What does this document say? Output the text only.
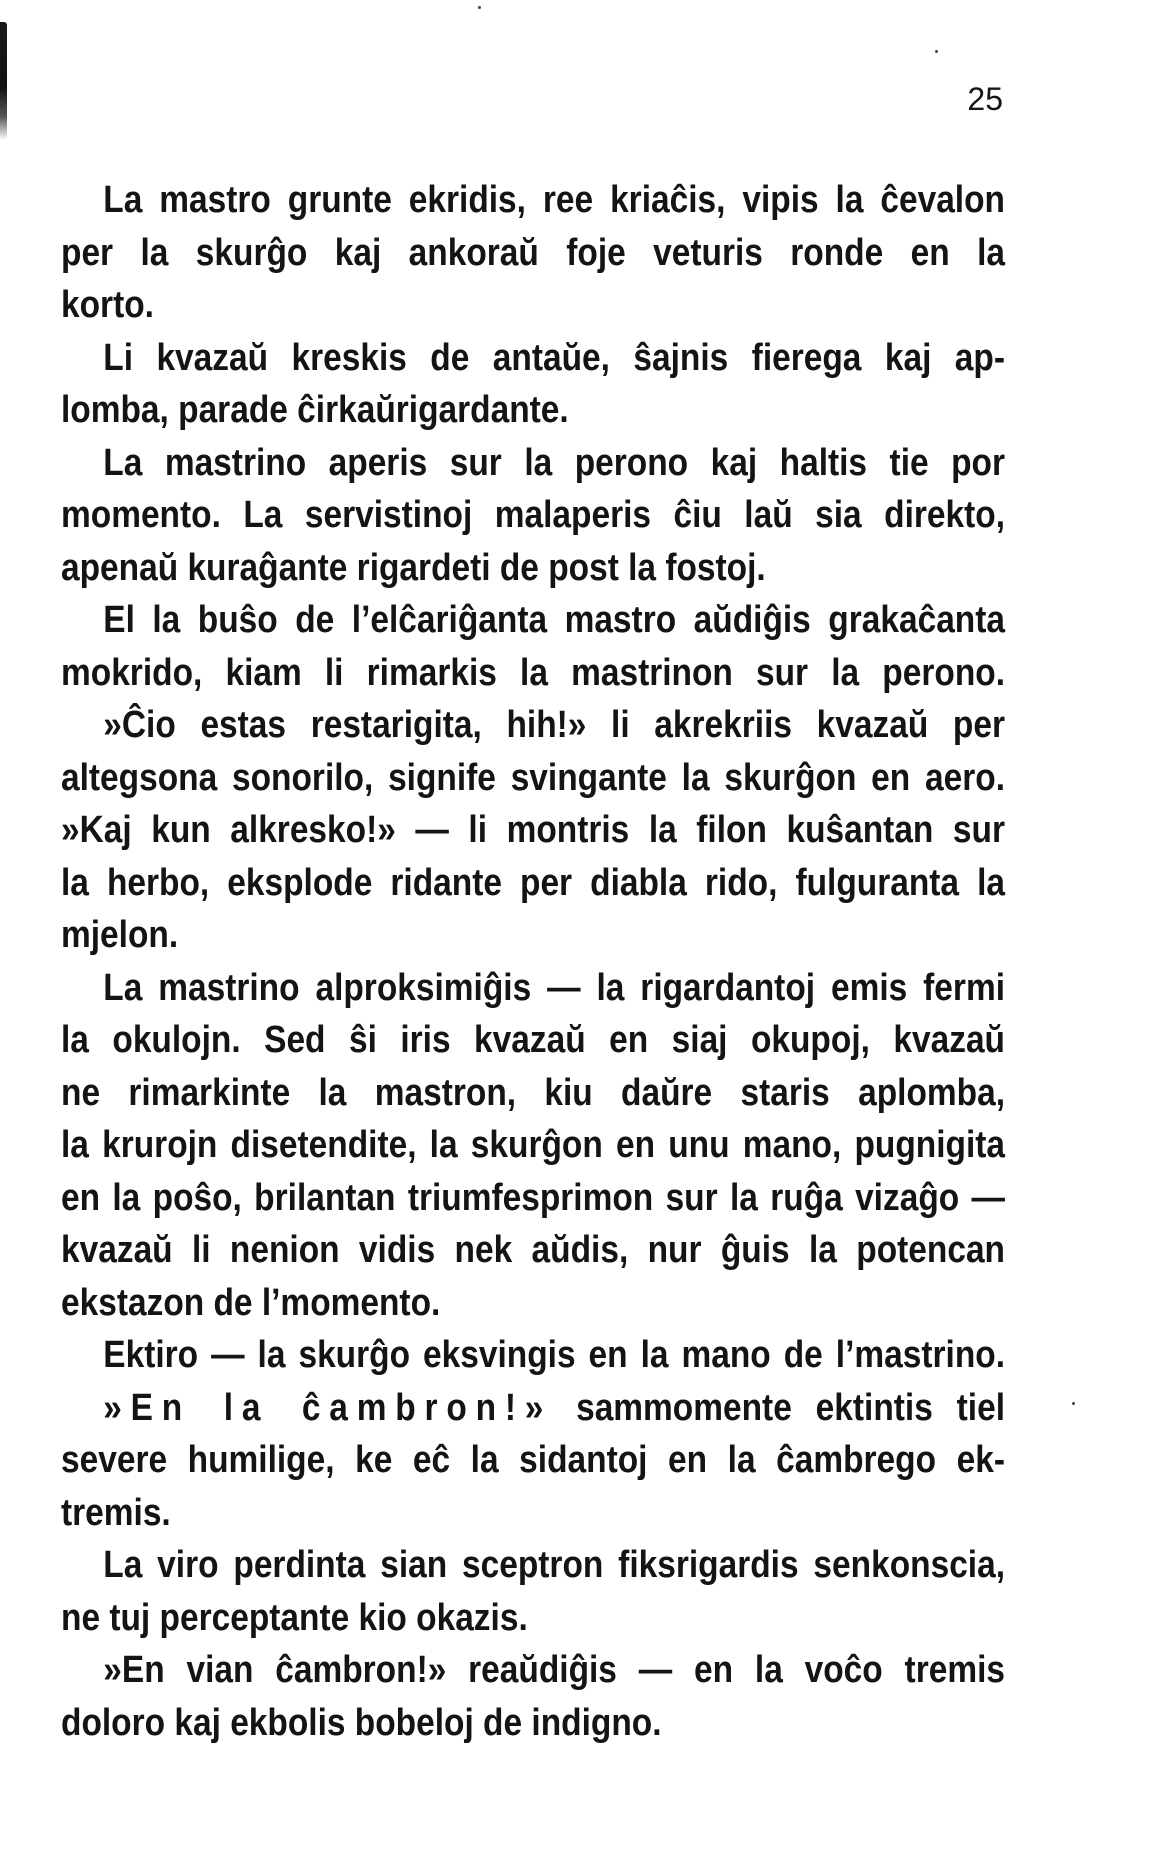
25
La mastro grunte ekridis, ree kriaĉis, vipis la ĉevalon
per la skurĝo kaj ankoraŭ foje veturis ronde en la
korto.
Li kvazaŭ kreskis de antaŭe, ŝajnis fierega kaj ap-
lomba, parade ĉirkaŭrigardante.
La mastrino aperis sur la perono kaj haltis tie por
momento. La servistinoj malaperis ĉiu laŭ sia direkto,
apenaŭ kuraĝante rigardeti de post la fostoj.
El la buŝo de l’elĉariĝanta mastro aŭdiĝis grakaĉanta
mokrido, kiam li rimarkis la mastrinon sur la perono.
»Ĉio estas restarigita, hih!» li akrekriis kvazaŭ per
altegsona sonorilo, signife svingante la skurĝon en aero.
»Kaj kun alkresko!» — li montris la filon kuŝantan sur
la herbo, eksplode ridante per diabla rido, fulguranta la
mjelon.
La mastrino alproksimiĝis — la rigardantoj emis fermi
la okulojn. Sed ŝi iris kvazaŭ en siaj okupoj, kvazaŭ
ne rimarkinte la mastron, kiu daŭre staris aplomba,
la krurojn disetendite, la skurĝon en unu mano, pugnigita
en la poŝo, brilantan triumfesprimon sur la ruĝa vizaĝo —
kvazaŭ li nenion vidis nek aŭdis, nur ĝuis la potencan
ekstazon de l’momento.
Ektiro — la skurĝo eksvingis en la mano de l’mastrino.
»En la ĉambron!» sammomente ektintis tiel
severe humilige, ke eĉ la sidantoj en la ĉambrego ek-
tremis.
La viro perdinta sian sceptron fiksrigardis senkonscia,
ne tuj perceptante kio okazis.
»En vian ĉambron!» reaŭdiĝis — en la voĉo tremis
doloro kaj ekbolis bobeloj de indigno.
